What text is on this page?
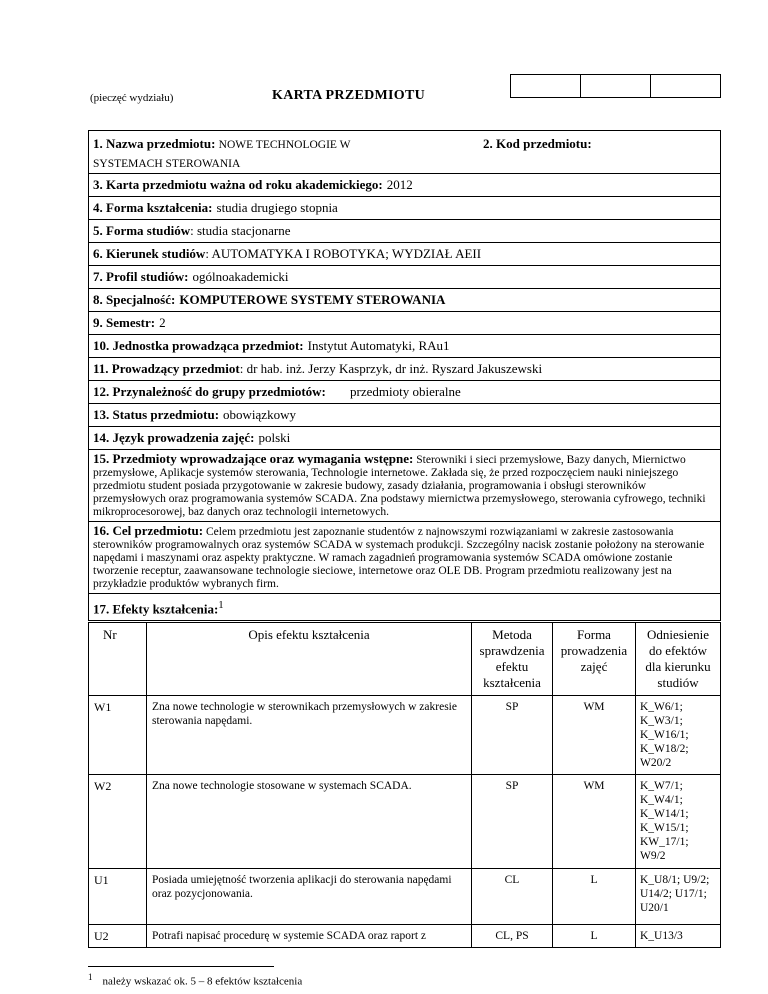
(pieczęć wydziału)	KARTA PRZEDMIOTU
1. Nazwa przedmiotu: NOWE TECHNOLOGIE W
SYSTEMACH STEROWANIA
2. Kod przedmiotu:
3. Karta przedmiotu ważna od roku akademickiego: 2012
4. Forma kształcenia: studia drugiego stopnia
5. Forma studiów: studia stacjonarne
6. Kierunek studiów: AUTOMATYKA I ROBOTYKA; WYDZIAŁ AEII
7. Profil studiów: ogólnoakademicki
8. Specjalność: KOMPUTEROWE SYSTEMY STEROWANIA
9. Semestr: 2
10. Jednostka prowadząca przedmiot: Instytut Automatyki, RAu1
11. Prowadzący przedmiot: dr hab. inż. Jerzy Kasprzyk, dr inż. Ryszard Jakuszewski
12. Przynależność do grupy przedmiotów: przedmioty obieralne
13. Status przedmiotu: obowiązkowy
14. Język prowadzenia zajęć: polski
15. Przedmioty wprowadzające oraz wymagania wstępne: Sterowniki i sieci przemysłowe, Bazy danych, Miernictwo przemysłowe, Aplikacje systemów sterowania, Technologie internetowe. Zakłada się, że przed rozpoczęciem nauki niniejszego przedmiotu student posiada przygotowanie w zakresie budowy, zasady działania, programowania i obsługi sterowników przemysłowych oraz programowania systemów SCADA. Zna podstawy miernictwa przemysłowego, sterowania cyfrowego, techniki mikroprocesorowej, baz danych oraz technologii internetowych.
16. Cel przedmiotu: Celem przedmiotu jest zapoznanie studentów z najnowszymi rozwiązaniami w zakresie zastosowania sterowników programowalnych oraz systemów SCADA w systemach produkcji. Szczególny nacisk zostanie położony na sterowanie napędami i maszynami oraz aspekty praktyczne. W ramach zagadnień programowania systemów SCADA omówione zostanie tworzenie receptur, zaawansowane technologie sieciowe, internetowe oraz OLE DB. Program przedmiotu realizowany jest na przykładzie produktów wybranych firm.
17. Efekty kształcenia:$^1$
Nr	Opis efektu kształcenia	Metoda sprawdzenia efektu kształcenia	Forma prowadzenia zajęć	Odniesienie do efektów dla kierunku studiów
W1	Zna nowe technologie w sterownikach przemysłowych w zakresie sterowania napędami.	SP	WM	K_W6/1; K_W3/1; K_W16/1; K_W18/2; W20/2
W2	Zna nowe technologie stosowane w systemach SCADA.	SP	WM	K_W7/1; K_W4/1; K_W14/1; K_W15/1; KW_17/1; W9/2
U1	Posiada umiejętność tworzenia aplikacji do sterowania napędami oraz pozycjonowania.	CL	L	K_U8/1; U9/2; U14/2; U17/1; U20/1
U2	Potrafi napisać procedurę w systemie SCADA oraz raport z	CL, PS	L	K_U13/3
$^1$ należy wskazać ok. 5 – 8 efektów kształcenia
